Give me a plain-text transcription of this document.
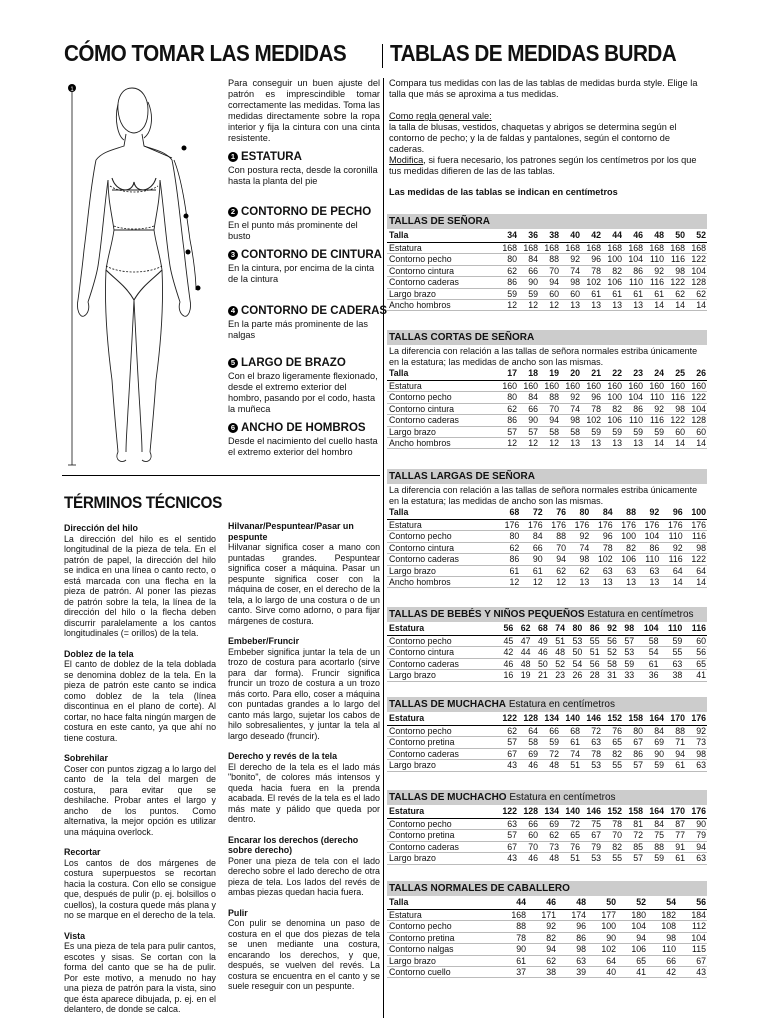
CÓMO TOMAR LAS MEDIDAS TABLAS DE MEDIDAS BURDA
1
Para conseguir un buen ajuste del patrón es imprescindible tomar correctamente las medidas. Toma las medidas directamente sobre la ropa interior y fija la cintura con una cinta resistente.
1 ESTATURA
Con postura recta, desde la coronilla hasta la planta del pie
2 CONTORNO DE PECHO
En el punto más prominente del busto
3 CONTORNO DE CINTURA
En la cintura, por encima de la cinta de la cintura
4 CONTORNO DE CADERAS
En la parte más prominente de las nalgas
5 LARGO DE BRAZO
Con el brazo ligeramente flexionado, desde el extremo exterior del hombro, pasando por el codo, hasta la muñeca
6 ANCHO DE HOMBROS
Desde el nacimiento del cuello hasta el extremo exterior del hombro
Compara tus medidas con las de las tablas de medidas burda style. Elige la talla que más se aproxima a tus medidas.
Como regla general vale:
la talla de blusas, vestidos, chaquetas y abrigos se determina según el contorno de pecho; y la de faldas y pantalones, según el contorno de caderas.
Modifica, si fuera necesario, los patrones según los centímetros por los que tus medidas difieren de las de las tablas.
Las medidas de las tablas se indican en centímetros
TALLAS DE SEÑORA
Talla	34	36	38	40	42	44	46	48	50	52
Estatura	168	168	168	168	168	168	168	168	168	168
Contorno pecho	80	84	88	92	96	100	104	110	116	122
Contorno cintura	62	66	70	74	78	82	86	92	98	104
Contorno caderas	86	90	94	98	102	106	110	116	122	128
Largo brazo	59	59	60	60	61	61	61	61	62	62
Ancho hombros	12	12	12	13	13	13	13	14	14	14
TALLAS CORTAS DE SEÑORA
La diferencia con relación a las tallas de señora normales estriba únicamente en la estatura; las medidas de ancho son las mismas.
Talla	17	18	19	20	21	22	23	24	25	26
Estatura	160	160	160	160	160	160	160	160	160	160
Contorno pecho	80	84	88	92	96	100	104	110	116	122
Contorno cintura	62	66	70	74	78	82	86	92	98	104
Contorno caderas	86	90	94	98	102	106	110	116	122	128
Largo brazo	57	57	58	58	59	59	59	59	60	60
Ancho hombros	12	12	12	13	13	13	13	14	14	14
TALLAS LARGAS DE SEÑORA
La diferencia con relación a las tallas de señora normales estriba únicamente en la estatura; las medidas de ancho son las mismas.
Talla	68	72	76	80	84	88	92	96	100
Estatura	176	176	176	176	176	176	176	176	176
Contorno pecho	80	84	88	92	96	100	104	110	116
Contorno cintura	62	66	70	74	78	82	86	92	98
Contorno caderas	86	90	94	98	102	106	110	116	122
Largo brazo	61	61	62	62	63	63	63	64	64
Ancho hombros	12	12	12	13	13	13	13	14	14
TALLAS DE BEBÉS Y NIÑOS PEQUEÑOS Estatura en centímetros
Estatura	56	62	68	74	80	86	92	98	104	110	116
Contorno pecho	45	47	49	51	53	55	56	57	58	59	60
Contorno cintura	42	44	46	48	50	51	52	53	54	55	56
Contorno caderas	46	48	50	52	54	56	58	59	61	63	65
Largo brazo	16	19	21	23	26	28	31	33	36	38	41
TALLAS DE MUCHACHA Estatura en centímetros
Estatura	122	128	134	140	146	152	158	164	170	176
Contorno pecho	62	64	66	68	72	76	80	84	88	92
Contorno pretina	57	58	59	61	63	65	67	69	71	73
Contorno caderas	67	69	72	74	78	82	86	90	94	98
Largo brazo	43	46	48	51	53	55	57	59	61	63
TALLAS DE MUCHACHO Estatura en centímetros
Estatura	122	128	134	140	146	152	158	164	170	176
Contorno pecho	63	66	69	72	75	78	81	84	87	90
Contorno pretina	57	60	62	65	67	70	72	75	77	79
Contorno caderas	67	70	73	76	79	82	85	88	91	94
Largo brazo	43	46	48	51	53	55	57	59	61	63
TALLAS NORMALES DE CABALLERO
Talla	44	46	48	50	52	54	56
Estatura	168	171	174	177	180	182	184
Contorno pecho	88	92	96	100	104	108	112
Contorno pretina	78	82	86	90	94	98	104
Contorno nalgas	90	94	98	102	106	110	115
Largo brazo	61	62	63	64	65	66	67
Contorno cuello	37	38	39	40	41	42	43
TÉRMINOS TÉCNICOS
Dirección del hilo

La dirección del hilo es el sentido longitudinal de la pieza de tela. En el patrón de papel, la dirección del hilo se indica en una línea o canto recto, o está marcada con una flecha en la pieza de patrón. Al poner las piezas de patrón sobre la tela, la línea de la dirección del hilo o la flecha deben discurrir paralelamente a los cantos longitudinales (= orillos) de la tela.

Doblez de la tela

El canto de doblez de la tela doblada se denomina doblez de la tela. En la pieza de patrón este canto se indica como doblez de la tela (línea discontinua en el plano de corte). Al cortar, no hace falta ningún margen de costura en este canto, ya que ahí no tiene costura.

Sobrehilar

Coser con puntos zigzag a lo largo del canto de la tela del margen de costura, para evitar que se deshilache. Probar antes el largo y ancho de los puntos. Como alternativa, la mejor opción es utilizar una máquina overlock.

Recortar

Los cantos de dos márgenes de costura superpuestos se recortan hacia la costura. Con ello se consigue que, después de pulir (p. ej. bolsillos o cuellos), la costura quede más plana y no se marque en el derecho de la tela.

Vista

Es una pieza de tela para pulir cantos, escotes y sisas. Se cortan con la forma del canto que se ha de pulir. Por este motivo, a menudo no hay una pieza de patrón para la vista, sino que ésta aparece dibujada, p. ej. en el delantero, de donde se calca.

Hilvanar/Pespuntear/Pasar un pespunte

Hilvanar significa coser a mano con puntadas grandes. Pespuntear significa coser a máquina. Pasar un pespunte significa coser con la máquina de coser, en el derecho de la tela, a lo largo de una costura o de un canto. Sirve como adorno, o para fijar márgenes de costura.

Embeber/Fruncir

Embeber significa juntar la tela de un trozo de costura para acortarlo (sirve para dar forma). Fruncir significa fruncir un trozo de costura a un trozo más corto. Para ello, coser a máquina con puntadas grandes a lo largo del canto más largo, sujetar los cabos de hilo sobresalientes, y juntar la tela al largo deseado (fruncir).

Derecho y revés de la tela

El derecho de la tela es el lado más "bonito", de colores más intensos y queda hacia fuera en la prenda acabada. El revés de la tela es el lado más mate y pálido que queda por dentro.

Encarar los derechos (derecho sobre derecho)

Poner una pieza de tela con el lado derecho sobre el lado derecho de otra pieza de tela. Los lados del revés de ambas piezas quedan hacia fuera.

Pulir

Con pulir se denomina un paso de costura en el que dos piezas de tela se unen mediante una costura, encarando los derechos, y que, después, se vuelven del revés. La costura se encuentra en el canto y se suele reseguir con un pespunte.
